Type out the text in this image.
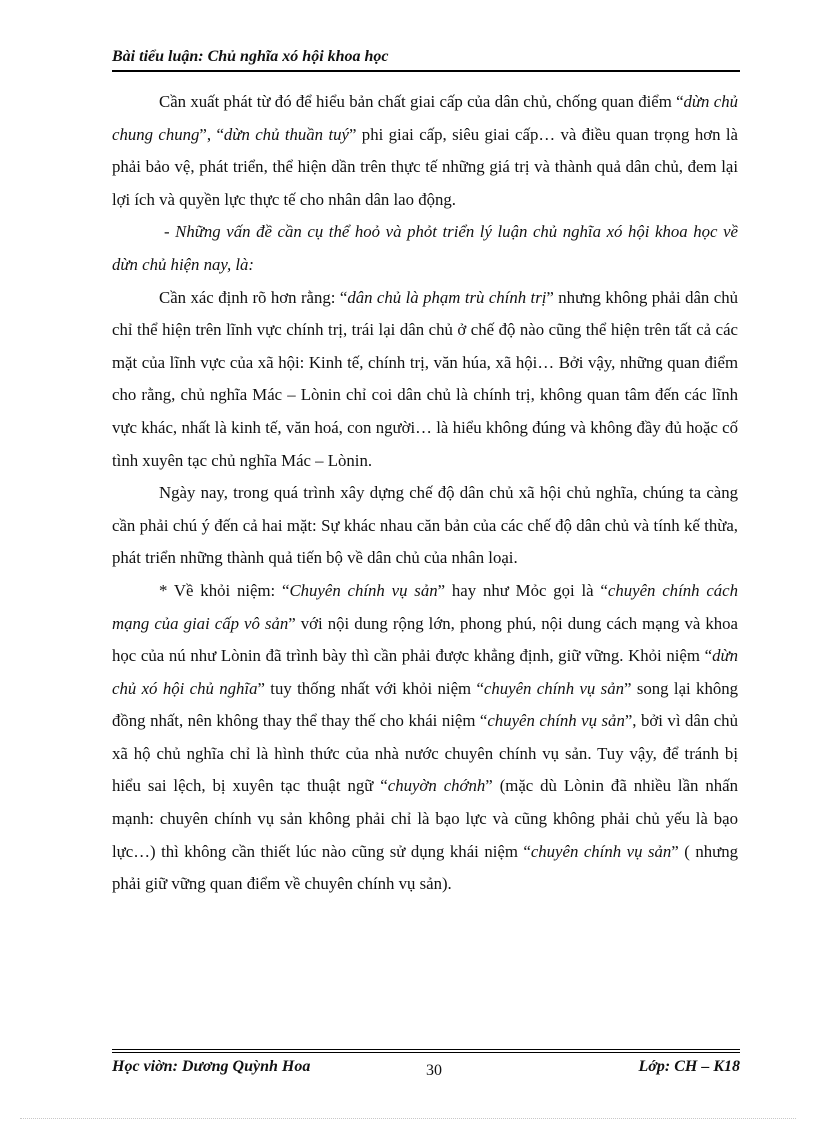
Bài tiểu luận: Chủ nghĩa xó hội khoa học

Cần xuất phát từ đó để hiểu bản chất giai cấp của dân chủ, chống quan điểm “dừn chủ chung chung”, “dừn chủ thuần tuý” phi giai cấp, siêu giai cấp… và điều quan trọng hơn là phải bảo vệ, phát triển, thể hiện dần trên thực tế những giá trị và thành quả dân chủ, đem lại lợi ích và quyền lực thực tế cho nhân dân lao động.

- Những vấn đề cần cụ thể hoỏ và phỏt triển lý luận chủ nghĩa xó hội khoa học về dừn chủ hiện nay, là:

Cần xác định rõ hơn rằng: “dân chủ là phạm trù chính trị” nhưng không phải dân chủ chỉ thể hiện trên lĩnh vực chính trị, trái lại dân chủ ở chế độ nào cũng thể hiện trên tất cả các mặt của lĩnh vực của xã hội: Kinh tế, chính trị, văn húa, xã hội… Bởi vậy, những quan điểm cho rằng, chủ nghĩa Mác – Lònin chỉ coi dân chủ là chính trị, không quan tâm đến các lĩnh vực khác, nhất là kinh tế, văn hoá, con người… là hiểu không đúng và không đầy đủ hoặc cố tình xuyên tạc chủ nghĩa Mác – Lònin.

Ngày nay, trong quá trình xây dựng chế độ dân chủ xã hội chủ nghĩa, chúng ta càng cần phải chú ý đến cả hai mặt: Sự khác nhau căn bản của các chế độ dân chủ và tính kế thừa, phát triển những thành quả tiến bộ về dân chủ của nhân loại.

* Về khỏi niệm: “Chuyên chính vụ sản” hay như Mỏc gọi là “chuyên chính cách mạng của giai cấp vô sản” với nội dung rộng lớn, phong phú, nội dung cách mạng và khoa học của nú như Lònin đã trình bày thì cần phải được khẳng định, giữ vững. Khỏi niệm “dừn chủ xó hội chủ nghĩa” tuy thống nhất với khỏi niệm “chuyên chính vụ sản” song lại không đồng nhất, nên không thay thể thay thế cho khái niệm “chuyên chính vụ sản”, bởi vì dân chủ xã hộ chủ nghĩa chỉ là hình thức của nhà nước chuyên chính vụ sản. Tuy vậy, để tránh bị hiểu sai lệch, bị xuyên tạc thuật ngữ “chuyờn chớnh” (mặc dù Lònin đã nhiều lần nhấn mạnh: chuyên chính vụ sản không phải chỉ là bạo lực và cũng không phải chủ yếu là bạo lực…) thì không cần thiết lúc nào cũng sử dụng khái niệm “chuyên chính vụ sản” ( nhưng phải giữ vững quan điểm về chuyên chính vụ sản).

Học viờn: Dương Quỳnh Hoa	30	Lớp: CH – K18
